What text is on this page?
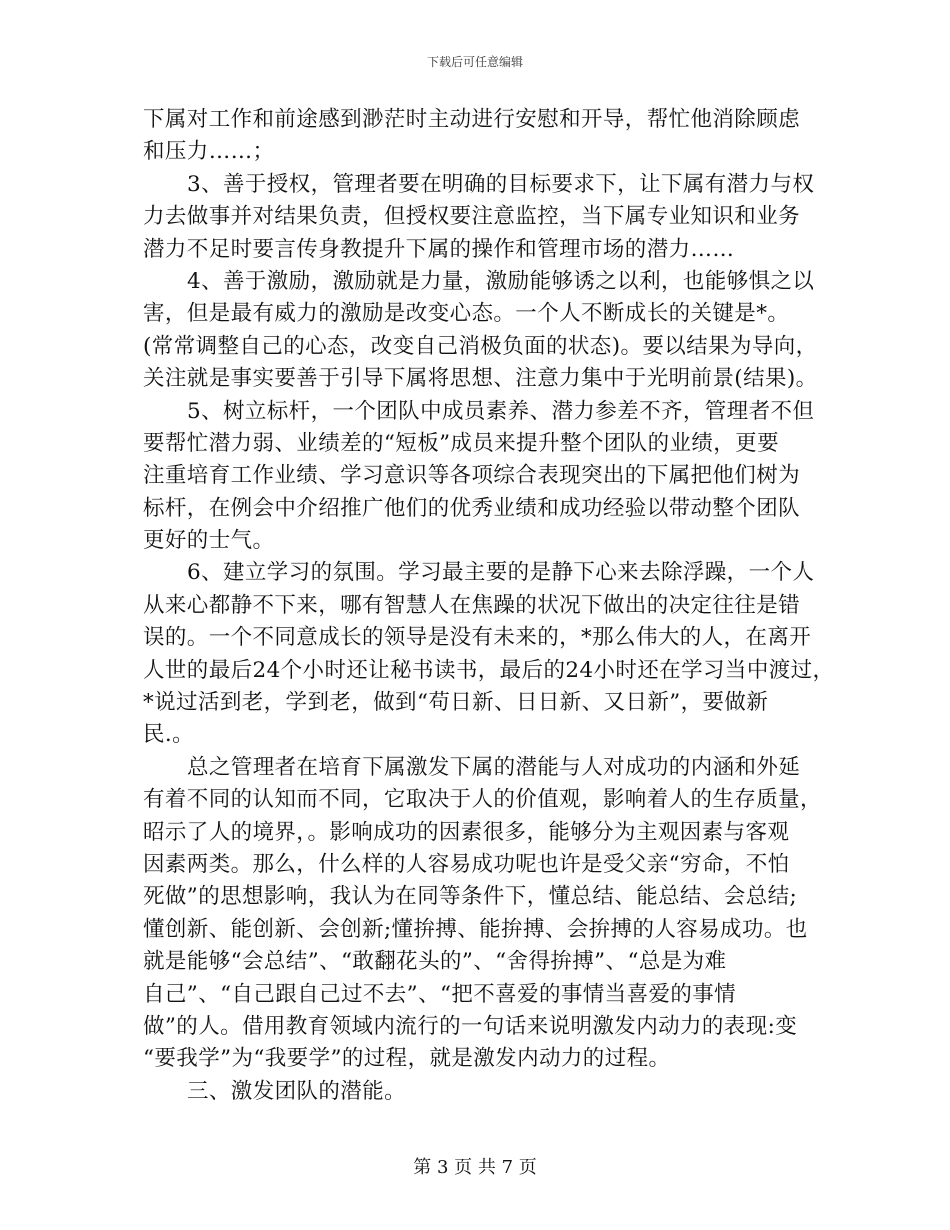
下载后可任意编辑
下属对工作和前途感到渺茫时主动进行安慰和开导，帮忙他消除顾虑
和压力……；
3、善于授权，管理者要在明确的目标要求下，让下属有潜力与权
力去做事并对结果负责，但授权要注意监控，当下属专业知识和业务
潜力不足时要言传身教提升下属的操作和管理市场的潜力……
4、善于激励，激励就是力量，激励能够诱之以利，也能够惧之以
害，但是最有威力的激励是改变心态。一个人不断成长的关键是*。
(常常调整自己的心态，改变自己消极负面的状态)。要以结果为导向，
关注就是事实要善于引导下属将思想、注意力集中于光明前景(结果)。
5、树立标杆，一个团队中成员素养、潜力参差不齐，管理者不但
要帮忙潜力弱、业绩差的“短板”成员来提升整个团队的业绩，更要
注重培育工作业绩、学习意识等各项综合表现突出的下属把他们树为
标杆，在例会中介绍推广他们的优秀业绩和成功经验以带动整个团队
更好的士气。
6、建立学习的氛围。学习最主要的是静下心来去除浮躁，一个人
从来心都静不下来，哪有智慧人在焦躁的状况下做出的决定往往是错
误的。一个不同意成长的领导是没有未来的，*那么伟大的人，在离开
人世的最后24个小时还让秘书读书，最后的24小时还在学习当中渡过，
*说过活到老，学到老，做到“苟日新、日日新、又日新”，要做新
民.。
总之管理者在培育下属激发下属的潜能与人对成功的内涵和外延
有着不同的认知而不同，它取决于人的价值观，影响着人的生存质量，
昭示了人的境界，。影响成功的因素很多，能够分为主观因素与客观
因素两类。那么，什么样的人容易成功呢也许是受父亲“穷命，不怕
死做”的思想影响，我认为在同等条件下，懂总结、能总结、会总结;
懂创新、能创新、会创新;懂拚搏、能拚搏、会拚搏的人容易成功。也
就是能够“会总结”、“敢翻花头的”、“舍得拚搏”、“总是为难
自己”、“自己跟自己过不去”、“把不喜爱的事情当喜爱的事情
做”的人。借用教育领域内流行的一句话来说明激发内动力的表现:变
“要我学”为“我要学”的过程，就是激发内动力的过程。
三、激发团队的潜能。
第 3 页 共 7 页
